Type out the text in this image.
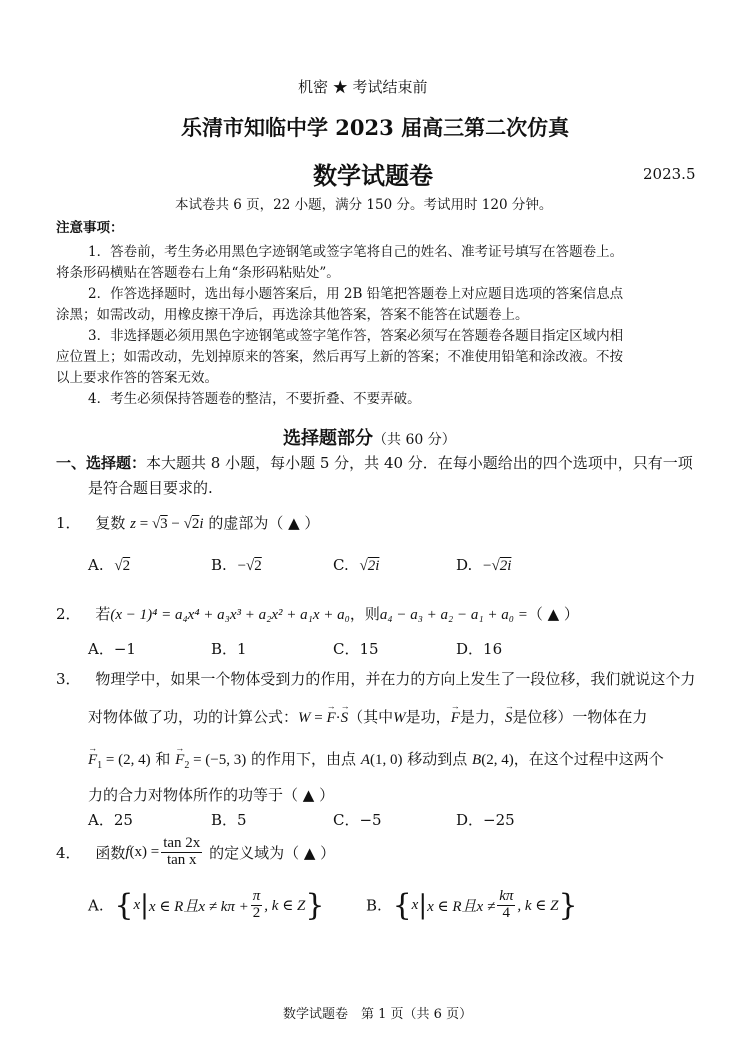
机密 ★ 考试结束前
乐清市知临中学 2023 届高三第二次仿真
数学试题卷	2023.5
本试卷共 6 页，22 小题，满分 150 分。考试用时 120 分钟。
注意事项：
1．答卷前，考生务必用黑色字迹钢笔或签字笔将自己的姓名、准考证号填写在答题卷上。
将条形码横贴在答题卷右上角“条形码粘贴处”。
2．作答选择题时，选出每小题答案后，用 2B 铅笔把答题卷上对应题目选项的答案信息点
涂黑；如需改动，用橡皮擦干净后，再选涂其他答案，答案不能答在试题卷上。
3．非选择题必须用黑色字迹钢笔或签字笔作答，答案必须写在答题卷各题目指定区域内相
应位置上；如需改动，先划掉原来的答案，然后再写上新的答案；不准使用铅笔和涂改液。不按
以上要求作答的答案无效。
4．考生必须保持答题卷的整洁，不要折叠、不要弄破。
选择题部分（共 60 分）
一、选择题：本大题共 8 小题，每小题 5 分，共 40 分．在每小题给出的四个选项中，只有一项
是符合题目要求的.
1． 复数 z = √3 − √2i 的虚部为（ ▲ ）
A. √2	B. −√2	C. √2i	D. −√2i
2． 若(x − 1)⁴ = a₄x⁴ + a₃x³ + a₂x² + a₁x + a₀，则a₄ − a₃ + a₂ − a₁ + a₀ =（ ▲ ）
A．−1	B．1	C．15	D．16
3． 物理学中，如果一个物体受到力的作用，并在力的方向上发生了一段位移，我们就说这个力
对物体做了功，功的计算公式：W = → F·→ S（其中W是功，→ F是力，→ S是位移）一物体在力
→ $F_1 = (2$, 4) 和 → $F_2 = (-5$, 3) 的作用下，由点 A(1, 0) 移动到点 B(2, 4)，在这个过程中这两个
力的合力对物体所作的功等于（ ▲ ）
A．25	B．5	C．−5	D．−25
4． 函数$f(x) = \frac{\tan 2x}{\text{tan x}}$ 的定义域为（ ▲ ）
A. {x|x ∈ R且$x \ne k\pi + \frac{\pi}{2}$ , k ∈ Z}	B. {x|x ∈ R且$x \ne \frac{k\pi}{4}$ , k ∈ Z}
数学试题卷　第 1 页（共 6 页）
